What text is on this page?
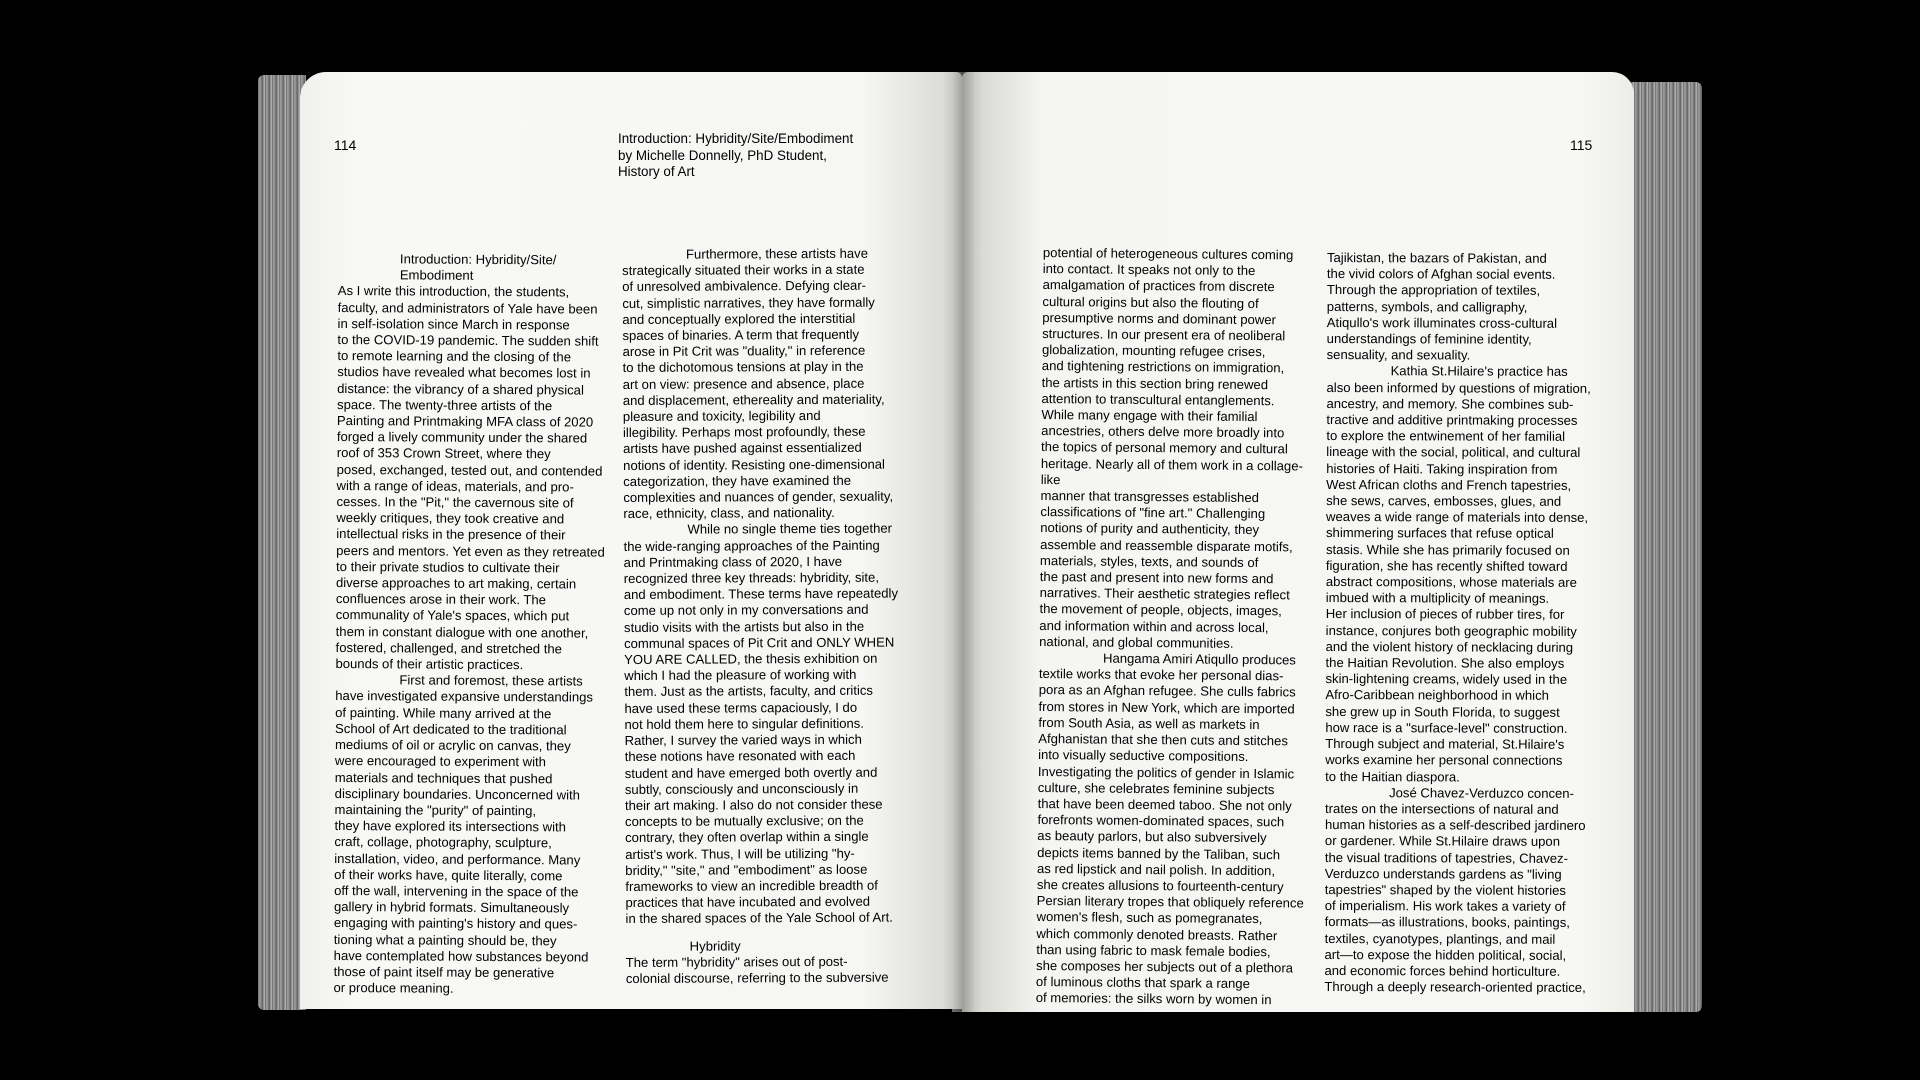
114	Introduction: Hybridity/Site/Embodiment
by Michelle Donnelly, PhD Student,
History of Art
115
Introduction: Hybridity/Site/
Embodiment

As I write this introduction, the students,
faculty, and administrators of Yale have been
in self-isolation since March in response
to the COVID-19 pandemic. The sudden shift
to remote learning and the closing of the
studios have revealed what becomes lost in
distance: the vibrancy of a shared physical
space. The twenty-three artists of the
Painting and Printmaking MFA class of 2020
forged a lively community under the shared
roof of 353 Crown Street, where they
posed, exchanged, tested out, and contended
with a range of ideas, materials, and pro-
cesses. In the "Pit," the cavernous site of
weekly critiques, they took creative and
intellectual risks in the presence of their
peers and mentors. Yet even as they retreated
to their private studios to cultivate their
diverse approaches to art making, certain
confluences arose in their work. The
communality of Yale's spaces, which put
them in constant dialogue with one another,
fostered, challenged, and stretched the
bounds of their artistic practices.

First and foremost, these artists
have investigated expansive understandings
of painting. While many arrived at the
School of Art dedicated to the traditional
mediums of oil or acrylic on canvas, they
were encouraged to experiment with
materials and techniques that pushed
disciplinary boundaries. Unconcerned with
maintaining the "purity" of painting,
they have explored its intersections with
craft, collage, photography, sculpture,
installation, video, and performance. Many
of their works have, quite literally, come
off the wall, intervening in the space of the
gallery in hybrid formats. Simultaneously
engaging with painting's history and ques-
tioning what a painting should be, they
have contemplated how substances beyond
those of paint itself may be generative
or produce meaning.

Furthermore, these artists have
strategically situated their works in a state
of unresolved ambivalence. Defying clear-
cut, simplistic narratives, they have formally
and conceptually explored the interstitial
spaces of binaries. A term that frequently
arose in Pit Crit was "duality," in reference
to the dichotomous tensions at play in the
art on view: presence and absence, place
and displacement, ethereality and materiality,
pleasure and toxicity, legibility and
illegibility. Perhaps most profoundly, these
artists have pushed against essentialized
notions of identity. Resisting one-dimensional
categorization, they have examined the
complexities and nuances of gender, sexuality,
race, ethnicity, class, and nationality.

While no single theme ties together
the wide-ranging approaches of the Painting
and Printmaking class of 2020, I have
recognized three key threads: hybridity, site,
and embodiment. These terms have repeatedly
come up not only in my conversations and
studio visits with the artists but also in the
communal spaces of Pit Crit and ONLY WHEN
YOU ARE CALLED, the thesis exhibition on
which I had the pleasure of working with
them. Just as the artists, faculty, and critics
have used these terms capaciously, I do
not hold them here to singular definitions.
Rather, I survey the varied ways in which
these notions have resonated with each
student and have emerged both overtly and
subtly, consciously and unconsciously in
their art making. I also do not consider these
concepts to be mutually exclusive; on the
contrary, they often overlap within a single
artist's work. Thus, I will be utilizing "hy-
bridity," "site," and "embodiment" as loose
frameworks to view an incredible breadth of
practices that have incubated and evolved
in the shared spaces of the Yale School of Art.

Hybridity

The term "hybridity" arises out of post-
colonial discourse, referring to the subversive

potential of heterogeneous cultures coming
into contact. It speaks not only to the
amalgamation of practices from discrete
cultural origins but also the flouting of
presumptive norms and dominant power
structures. In our present era of neoliberal
globalization, mounting refugee crises,
and tightening restrictions on immigration,
the artists in this section bring renewed
attention to transcultural entanglements.
While many engage with their familial
ancestries, others delve more broadly into
the topics of personal memory and cultural
heritage. Nearly all of them work in a collage-like
manner that transgresses established
classifications of "fine art." Challenging
notions of purity and authenticity, they
assemble and reassemble disparate motifs,
materials, styles, texts, and sounds of
the past and present into new forms and
narratives. Their aesthetic strategies reflect
the movement of people, objects, images,
and information within and across local,
national, and global communities.

Hangama Amiri Atiqullo produces
textile works that evoke her personal dias-
pora as an Afghan refugee. She culls fabrics
from stores in New York, which are imported
from South Asia, as well as markets in
Afghanistan that she then cuts and stitches
into visually seductive compositions.
Investigating the politics of gender in Islamic
culture, she celebrates feminine subjects
that have been deemed taboo. She not only
forefronts women-dominated spaces, such
as beauty parlors, but also subversively
depicts items banned by the Taliban, such
as red lipstick and nail polish. In addition,
she creates allusions to fourteenth-century
Persian literary tropes that obliquely reference
women's flesh, such as pomegranates,
which commonly denoted breasts. Rather
than using fabric to mask female bodies,
she composes her subjects out of a plethora
of luminous cloths that spark a range
of memories: the silks worn by women in

Tajikistan, the bazars of Pakistan, and
the vivid colors of Afghan social events.
Through the appropriation of textiles,
patterns, symbols, and calligraphy,
Atiqullo's work illuminates cross-cultural
understandings of feminine identity,
sensuality, and sexuality.

Kathia St.Hilaire's practice has
also been informed by questions of migration,
ancestry, and memory. She combines sub-
tractive and additive printmaking processes
to explore the entwinement of her familial
lineage with the social, political, and cultural
histories of Haiti. Taking inspiration from
West African cloths and French tapestries,
she sews, carves, embosses, glues, and
weaves a wide range of materials into dense,
shimmering surfaces that refuse optical
stasis. While she has primarily focused on
figuration, she has recently shifted toward
abstract compositions, whose materials are
imbued with a multiplicity of meanings.
Her inclusion of pieces of rubber tires, for
instance, conjures both geographic mobility
and the violent history of necklacing during
the Haitian Revolution. She also employs
skin-lightening creams, widely used in the
Afro-Caribbean neighborhood in which
she grew up in South Florida, to suggest
how race is a "surface-level" construction.
Through subject and material, St.Hilaire's
works examine her personal connections
to the Haitian diaspora.

José Chavez-Verduzco concen-
trates on the intersections of natural and
human histories as a self-described jardinero
or gardener. While St.Hilaire draws upon
the visual traditions of tapestries, Chavez-
Verduzco understands gardens as "living
tapestries" shaped by the violent histories
of imperialism. His work takes a variety of
formats—as illustrations, books, paintings,
textiles, cyanotypes, plantings, and mail
art—to expose the hidden political, social,
and economic forces behind horticulture.
Through a deeply research-oriented practice,
